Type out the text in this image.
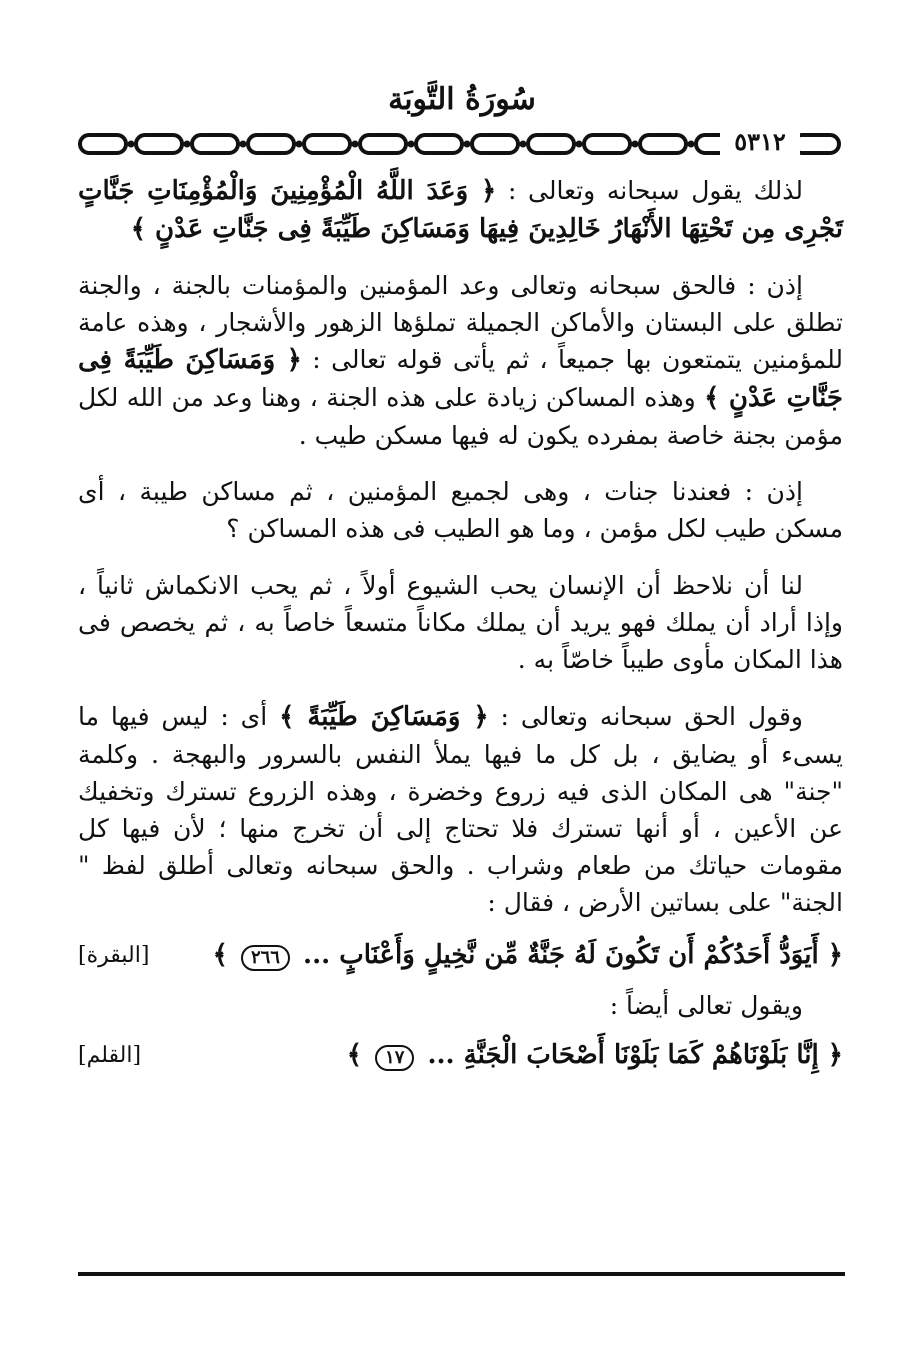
سُورَةُ التَّوبَة
٥٣١٢

لذلك يقول سبحانه وتعالى : ﴿ وَعَدَ اللَّهُ الْمُؤْمِنِينَ وَالْمُؤْمِنَاتِ جَنَّاتٍ تَجْرِى مِن تَحْتِهَا الأَنْهَارُ خَالِدِينَ فِيهَا وَمَسَاكِنَ طَيِّبَةً فِى جَنَّاتِ عَدْنٍ ﴾

إذن : فالحق سبحانه وتعالى وعد المؤمنين والمؤمنات بالجنة ، والجنة تطلق على البستان والأماكن الجميلة تملؤها الزهور والأشجار ، وهذه عامة للمؤمنين يتمتعون بها جميعاً ، ثم يأتى قوله تعالى : ﴿ وَمَسَاكِنَ طَيِّبَةً فِى جَنَّاتِ عَدْنٍ ﴾ وهذه المساكن زيادة على هذه الجنة ، وهنا وعد من الله لكل مؤمن بجنة خاصة بمفرده يكون له فيها مسكن طيب .

إذن : فعندنا جنات ، وهى لجميع المؤمنين ، ثم مساكن طيبة ، أى مسكن طيب لكل مؤمن ، وما هو الطيب فى هذه المساكن ؟

لنا أن نلاحظ أن الإنسان يحب الشيوع أولاً ، ثم يحب الانكماش ثانياً ، وإذا أراد أن يملك فهو يريد أن يملك مكاناً متسعاً خاصاً به ، ثم يخصص فى هذا المكان مأوى طيباً خاصّاً به .

وقول الحق سبحانه وتعالى : ﴿ وَمَسَاكِنَ طَيِّبَةً ﴾ أى : ليس فيها ما يسىء أو يضايق ، بل كل ما فيها يملأ النفس بالسرور والبهجة . وكلمة "جنة" هى المكان الذى فيه زروع وخضرة ، وهذه الزروع تسترك وتخفيك عن الأعين ، أو أنها تسترك فلا تحتاج إلى أن تخرج منها ؛ لأن فيها كل مقومات حياتك من طعام وشراب . والحق سبحانه وتعالى أطلق لفظ " الجنة" على بساتين الأرض ، فقال :

﴿ أَيَوَدُّ أَحَدُكُمْ أَن تَكُونَ لَهُ جَنَّةٌ مِّن نَّخِيلٍ وَأَعْنَابٍ ... ٢٦٦ ﴾
[البقرة]

ويقول تعالى أيضاً :

﴿ إِنَّا بَلَوْنَاهُمْ كَمَا بَلَوْنَا أَصْحَابَ الْجَنَّةِ ... ١٧ ﴾
[القلم]
